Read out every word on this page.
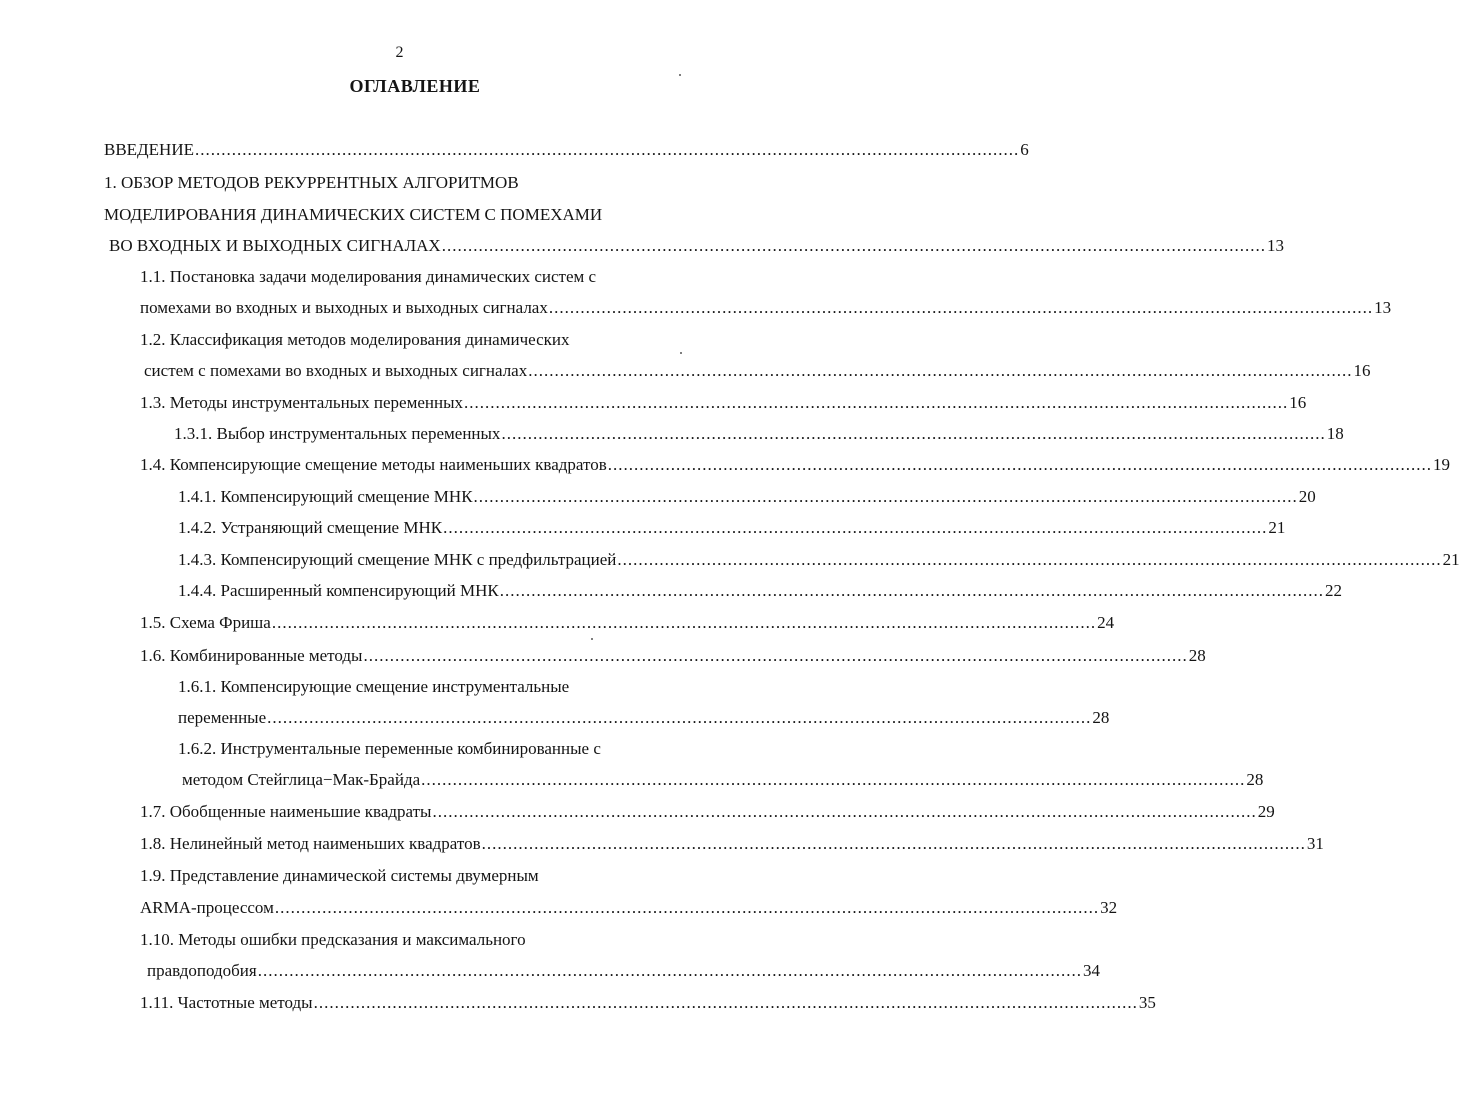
2
ОГЛАВЛЕНИЕ
ВВЕДЕНИЕ ............................................................................................................................................................. 6
1. ОБЗОР МЕТОДОВ РЕКУРРЕНТНЫХ АЛГОРИТМОВ
МОДЕЛИРОВАНИЯ ДИНАМИЧЕСКИХ СИСТЕМ С ПОМЕХАМИ
ВО ВХОДНЫХ И ВЫХОДНЫХ СИГНАЛАХ ............................................................................................................................................................. 13
1.1. Постановка задачи моделирования динамических систем с
помехами во входных и выходных и выходных сигналах ............................................................................................................................................................. 13
1.2. Классификация методов моделирования динамических
систем с помехами во входных и выходных сигналах ............................................................................................................................................................. 16
1.3. Методы инструментальных переменных ............................................................................................................................................................. 16
1.3.1. Выбор инструментальных переменных ............................................................................................................................................................. 18
1.4. Компенсирующие смещение методы наименьших квадратов ............................................................................................................................................................. 19
1.4.1. Компенсирующий смещение МНК ............................................................................................................................................................. 20
1.4.2. Устраняющий смещение МНК ............................................................................................................................................................. 21
1.4.3. Компенсирующий смещение МНК с предфильтрацией ............................................................................................................................................................. 21
1.4.4. Расширенный компенсирующий МНК ............................................................................................................................................................. 22
1.5. Схема Фриша ............................................................................................................................................................. 24
1.6. Комбинированные методы ............................................................................................................................................................. 28
1.6.1. Компенсирующие смещение инструментальные
переменные ............................................................................................................................................................. 28
1.6.2. Инструментальные переменные комбинированные с
методом Стейглица−Мак-Брайда ............................................................................................................................................................. 28
1.7. Обобщенные наименьшие квадраты ............................................................................................................................................................. 29
1.8. Нелинейный метод наименьших квадратов ............................................................................................................................................................. 31
1.9. Представление динамической системы двумерным
ARMA-процессом ............................................................................................................................................................. 32
1.10. Методы ошибки предсказания и максимального
правдоподобия ............................................................................................................................................................. 34
1.11. Частотные методы ............................................................................................................................................................. 35
